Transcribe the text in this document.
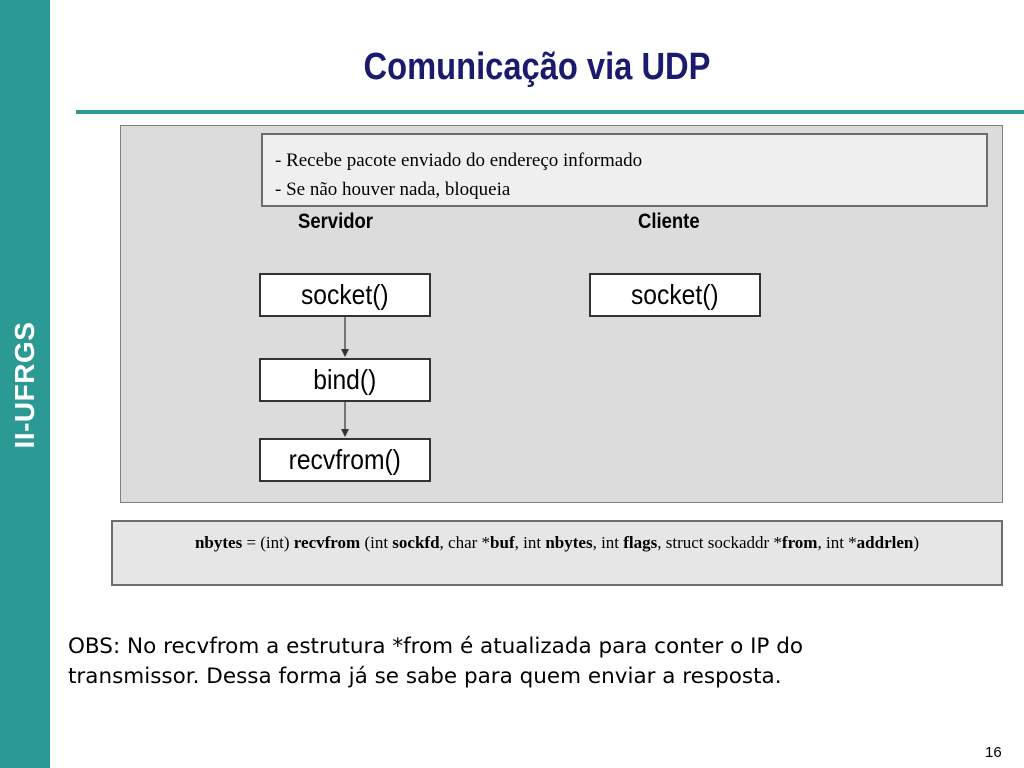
II-UFRGS
Comunicação via UDP
- Recebe pacote enviado do endereço informado
- Se não houver nada, bloqueia
Servidor	Cliente
socket()
bind()
recvfrom()
socket()
nbytes = (int) recvfrom (int sockfd, char *buf, int nbytes, int flags, struct sockaddr *from, int *addrlen)
OBS: No recvfrom a estrutura *from é atualizada para conter o IP do
transmissor. Dessa forma já se sabe para quem enviar a resposta.
16
